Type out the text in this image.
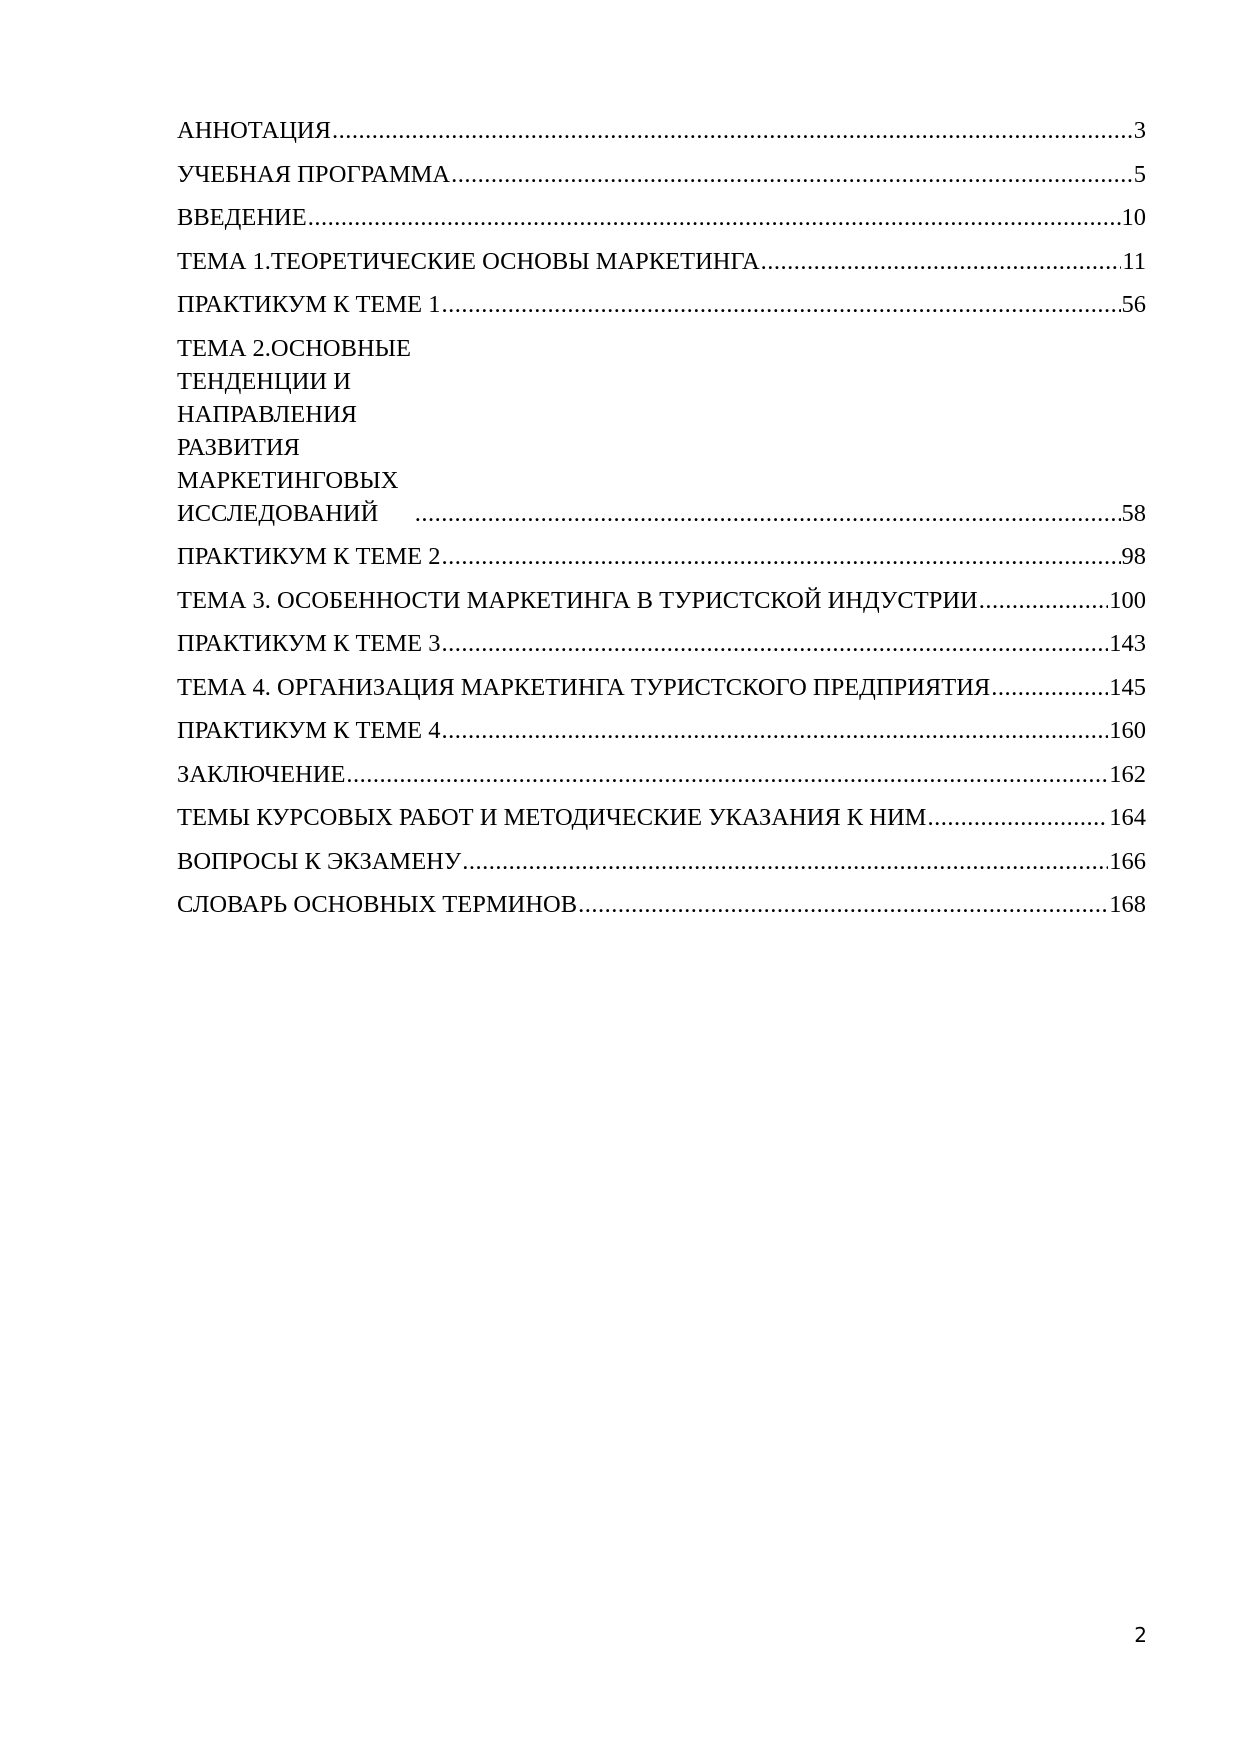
АННОТАЦИЯ .....	3
УЧЕБНАЯ ПРОГРАММА .....	5
ВВЕДЕНИЕ .....	10
ТЕМА 1.ТЕОРЕТИЧЕСКИЕ ОСНОВЫ МАРКЕТИНГА .....	11
ПРАКТИКУМ К ТЕМЕ 1 .....	56
ТЕМА 2.ОСНОВНЫЕ ТЕНДЕНЦИИ И НАПРАВЛЕНИЯ РАЗВИТИЯ
МАРКЕТИНГОВЫХ ИССЛЕДОВАНИЙ .....	58
ПРАКТИКУМ К ТЕМЕ 2 .....	98
ТЕМА 3. ОСОБЕННОСТИ МАРКЕТИНГА В ТУРИСТСКОЙ ИНДУСТРИИ .....	100
ПРАКТИКУМ К ТЕМЕ 3 .....	143
ТЕМА 4. ОРГАНИЗАЦИЯ МАРКЕТИНГА ТУРИСТСКОГО ПРЕДПРИЯТИЯ .....	145
ПРАКТИКУМ К ТЕМЕ 4 .....	160
ЗАКЛЮЧЕНИЕ .....	162
ТЕМЫ КУРСОВЫХ РАБОТ И МЕТОДИЧЕСКИЕ УКАЗАНИЯ К НИМ .....	164
ВОПРОСЫ К ЭКЗАМЕНУ .....	166
СЛОВАРЬ ОСНОВНЫХ ТЕРМИНОВ .....	168
2
